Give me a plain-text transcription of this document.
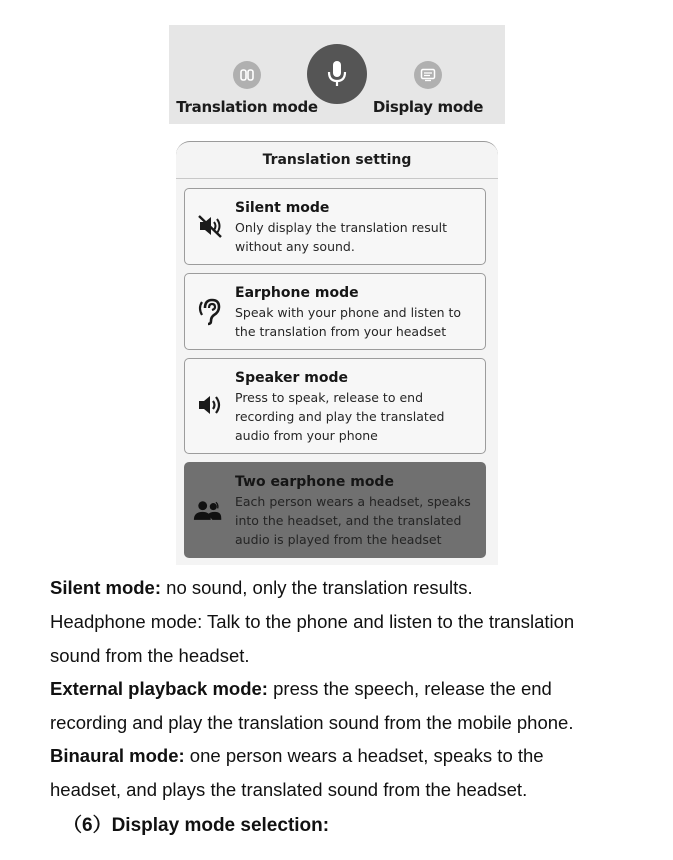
Translation mode	Display mode
Translation setting
Silent mode
Only display the translation result
without any sound.
Earphone mode
Speak with your phone and listen to
the translation from your headset
Speaker mode
Press to speak, release to end
recording and play the translated
audio from your phone
Two earphone mode
Each person wears a headset, speaks
into the headset, and the translated
audio is played from the headset
Silent mode: no sound, only the translation results.
Headphone mode: Talk to the phone and listen to the translation
sound from the headset.
External playback mode: press the speech, release the end
recording and play the translation sound from the mobile phone.
Binaural mode: one person wears a headset, speaks to the
headset, and plays the translated sound from the headset.
（6）Display mode selection:
